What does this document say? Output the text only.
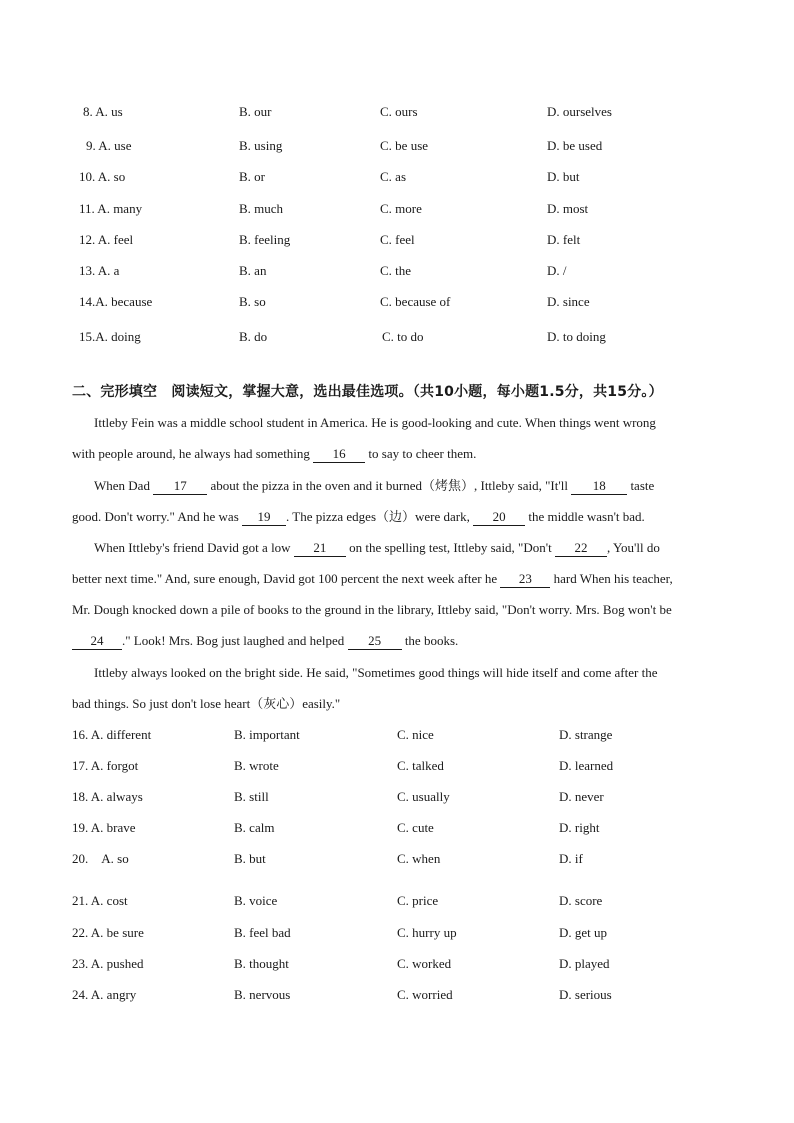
8. A. us	B. our	C. ours	D. ourselves
9. A. use	B. using	C. be use	D. be used
10. A. so	B. or	C. as	D. but
11. A. many	B. much	C. more	D. most
12. A. feel	B. feeling	C. feel	D. felt
13. A. a	B. an	C. the	D. /
14.A. because	B. so	C. because of	D. since
15.A. doing	B. do	C. to do	D. to doing
二、完形填空　阅读短文，掌握大意，选出最佳选项。（共10小题，每小题1.5分，共15分。）
Ittleby Fein was a middle school student in America. He is good-looking and cute. When things went wrong
with people around, he always had something 16 to say to cheer them.
When Dad 17 about the pizza in the oven and it burned（烤焦）, Ittleby said, "It'll 18 taste
good. Don't worry." And he was 19 . The pizza edges（边）were dark, 20 the middle wasn't bad.
When Ittleby's friend David got a low 21 on the spelling test, Ittleby said, "Don't 22 , You'll do
better next time." And, sure enough, David got 100 percent the next week after he 23 hard When his teacher,
Mr. Dough knocked down a pile of books to the ground in the library, Ittleby said, "Don't worry. Mrs. Bog won't be
24 ." Look! Mrs. Bog just laughed and helped 25 the books.
Ittleby always looked on the bright side. He said, "Sometimes good things will hide itself and come after the
bad things. So just don't lose heart（灰心）easily."
16. A. different	B. important	C. nice	D. strange
17. A. forgot	B. wrote	C. talked	D. learned
18. A. always	B. still	C. usually	D. never
19. A. brave	B. calm	C. cute	D. right
20.　A. so	B. but	C. when	D. if
21. A. cost	B. voice	C. price	D. score
22. A. be sure	B. feel bad	C. hurry up	D. get up
23. A. pushed	B. thought	C. worked	D. played
24. A. angry	B. nervous	C. worried	D. serious
